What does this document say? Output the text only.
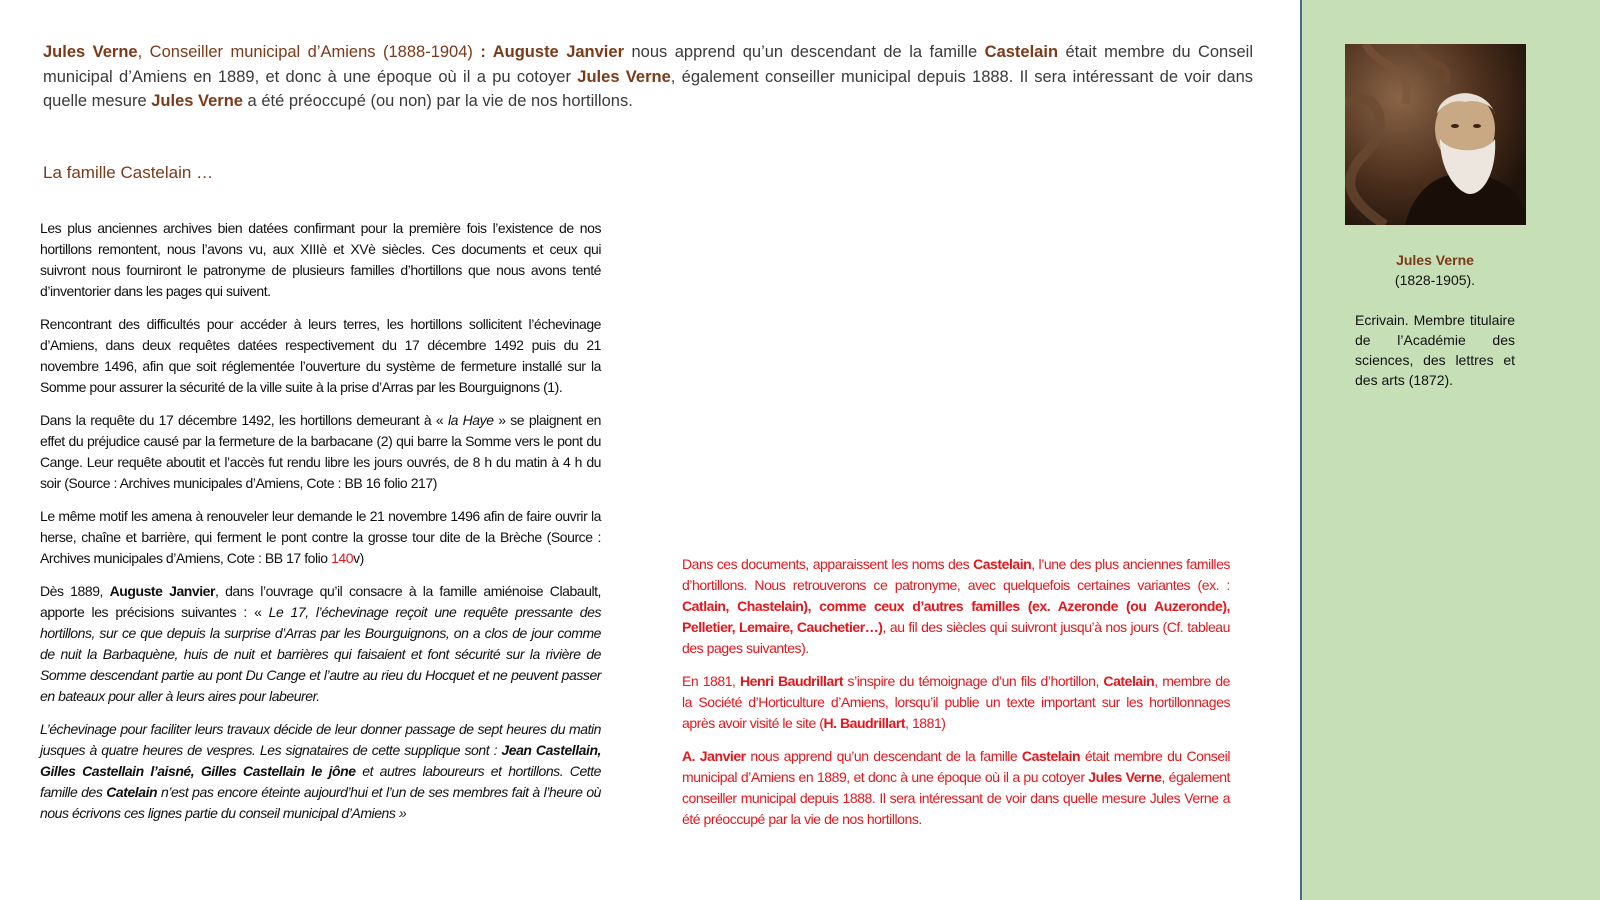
Jules Verne, Conseiller municipal d’Amiens (1888-1904) : Auguste Janvier nous apprend qu’un descendant de la famille Castelain était membre du Conseil municipal d’Amiens en 1889, et donc à une époque où il a pu cotoyer Jules Verne, également conseiller municipal depuis 1888. Il sera intéressant de voir dans quelle mesure Jules Verne a été préoccupé (ou non) par la vie de nos hortillons.
La famille Castelain …

Les plus anciennes archives bien datées confirmant pour la première fois l’existence de nos hortillons remontent, nous l’avons vu, aux XIIIè et XVè siècles. Ces documents et ceux qui suivront nous fourniront le patronyme de plusieurs familles d’hortillons que nous avons tenté d’inventorier dans les pages qui suivent.

Rencontrant des difficultés pour accéder à leurs terres, les hortillons sollicitent l’échevinage d’Amiens, dans deux requêtes datées respectivement du 17 décembre 1492 puis du 21 novembre 1496, afin que soit réglementée l’ouverture du système de fermeture installé sur la Somme pour assurer la sécurité de la ville suite à la prise d’Arras par les Bourguignons (1).

Dans la requête du 17 décembre 1492, les hortillons demeurant à « la Haye » se plaignent en effet du préjudice causé par la fermeture de la barbacane (2) qui barre la Somme vers le pont du Cange. Leur requête aboutit et l’accès fut rendu libre les jours ouvrés, de 8 h du matin à 4 h du soir (Source : Archives municipales d’Amiens, Cote : BB 16 folio 217)

Le même motif les amena à renouveler leur demande le 21 novembre 1496 afin de faire ouvrir la herse, chaîne et barrière, qui ferment le pont contre la grosse tour dite de la Brèche (Source : Archives municipales d’Amiens, Cote : BB 17 folio 140v)

Dès 1889, Auguste Janvier, dans l’ouvrage qu’il consacre à la famille amiénoise Clabault, apporte les précisions suivantes : « Le 17, l’échevinage reçoit une requête pressante des hortillons, sur ce que depuis la surprise d’Arras par les Bourguignons, on a clos de jour comme de nuit la Barbaquène, huis de nuit et barrières qui faisaient et font sécurité sur la rivière de Somme descendant partie au pont Du Cange et l’autre au rieu du Hocquet et ne peuvent passer en bateaux pour aller à leurs aires pour labeurer.

L’échevinage pour faciliter leurs travaux décide de leur donner passage de sept heures du matin jusques à quatre heures de vespres. Les signataires de cette supplique sont : Jean Castellain, Gilles Castellain l’aisné, Gilles Castellain le jône et autres laboureurs et hortillons. Cette famille des Catelain n’est pas encore éteinte aujourd’hui et l’un de ses membres fait à l’heure où nous écrivons ces lignes partie du conseil municipal d’Amiens »

Dans ces documents, apparaissent les noms des Castelain, l’une des plus anciennes familles d’hortillons. Nous retrouverons ce patronyme, avec quelquefois certaines variantes (ex. : Catlain, Chastelain), comme ceux d’autres familles (ex. Azeronde (ou Auzeronde), Pelletier, Lemaire, Cauchetier…), au fil des siècles qui suivront jusqu’à nos jours (Cf. tableau des pages suivantes).

En 1881, Henri Baudrillart s’inspire du témoignage d’un fils d’hortillon, Catelain, membre de la Société d’Horticulture d’Amiens, lorsqu’il publie un texte important sur les hortillonnages après avoir visité le site (H. Baudrillart, 1881)

A. Janvier nous apprend qu’un descendant de la famille Castelain était membre du Conseil municipal d’Amiens en 1889, et donc à une époque où il a pu cotoyer Jules Verne, également conseiller municipal depuis 1888. Il sera intéressant de voir dans quelle mesure Jules Verne a été préoccupé par la vie de nos hortillons.

Jules Verne
(1828-1905).
Ecrivain. Membre titulaire de l’Académie des sciences, des lettres et des arts (1872).
